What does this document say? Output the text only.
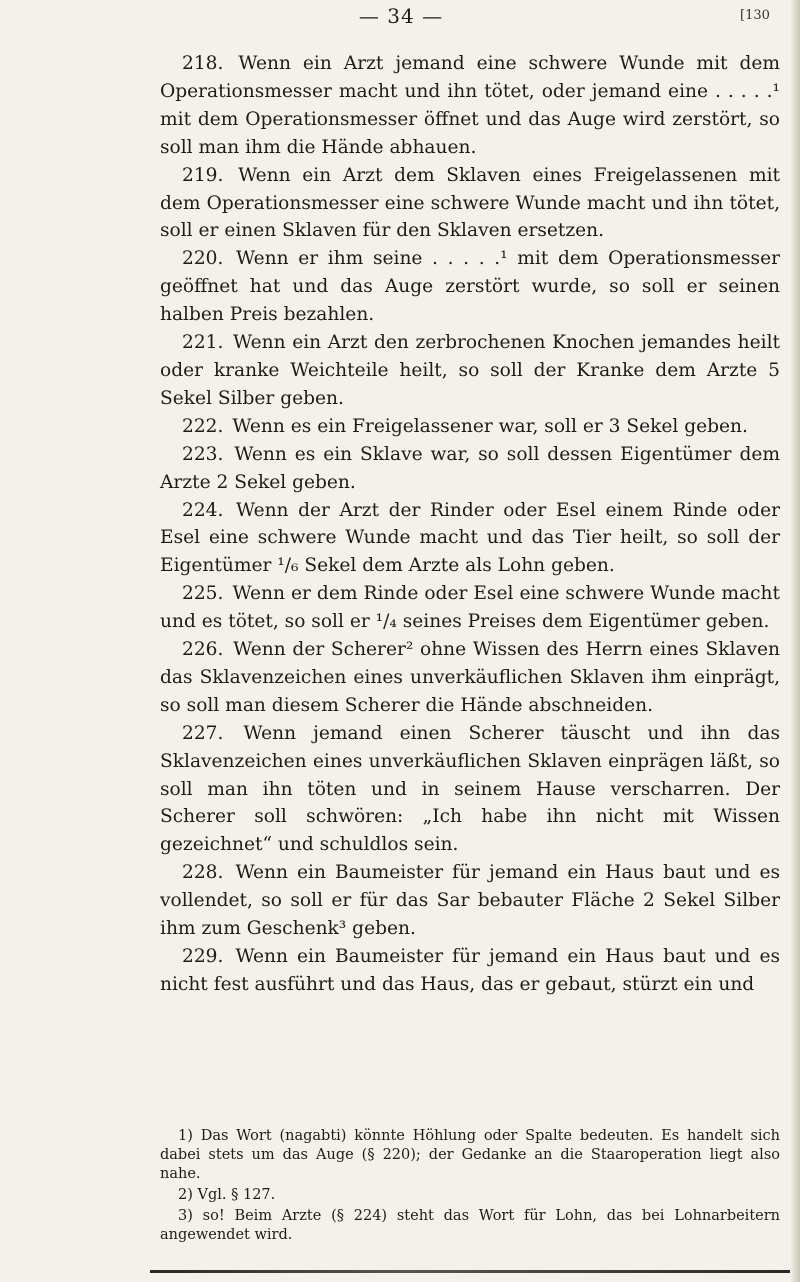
— 34 —	[130

218. Wenn ein Arzt jemand eine schwere Wunde mit dem Operationsmesser macht und ihn tötet, oder jemand eine . . . . .¹ mit dem Operationsmesser öffnet und das Auge wird zerstört, so soll man ihm die Hände abhauen.

219. Wenn ein Arzt dem Sklaven eines Freigelassenen mit dem Operationsmesser eine schwere Wunde macht und ihn tötet, soll er einen Sklaven für den Sklaven ersetzen.

220. Wenn er ihm seine . . . . .¹ mit dem Operationsmesser geöffnet hat und das Auge zerstört wurde, so soll er seinen halben Preis bezahlen.

221. Wenn ein Arzt den zerbrochenen Knochen jemandes heilt oder kranke Weichteile heilt, so soll der Kranke dem Arzte 5 Sekel Silber geben.

222. Wenn es ein Freigelassener war, soll er 3 Sekel geben.

223. Wenn es ein Sklave war, so soll dessen Eigentümer dem Arzte 2 Sekel geben.

224. Wenn der Arzt der Rinder oder Esel einem Rinde oder Esel eine schwere Wunde macht und das Tier heilt, so soll der Eigentümer ¹/₆ Sekel dem Arzte als Lohn geben.

225. Wenn er dem Rinde oder Esel eine schwere Wunde macht und es tötet, so soll er ¹/₄ seines Preises dem Eigentümer geben.

226. Wenn der Scherer² ohne Wissen des Herrn eines Sklaven das Sklavenzeichen eines unverkäuflichen Sklaven ihm einprägt, so soll man diesem Scherer die Hände abschneiden.

227. Wenn jemand einen Scherer täuscht und ihn das Sklavenzeichen eines unverkäuflichen Sklaven einprägen läßt, so soll man ihn töten und in seinem Hause verscharren. Der Scherer soll schwören: „Ich habe ihn nicht mit Wissen gezeichnet“ und schuldlos sein.

228. Wenn ein Baumeister für jemand ein Haus baut und es vollendet, so soll er für das Sar bebauter Fläche 2 Sekel Silber ihm zum Geschenk³ geben.

229. Wenn ein Baumeister für jemand ein Haus baut und es nicht fest ausführt und das Haus, das er gebaut, stürzt ein und

1) Das Wort (nagabti) könnte Höhlung oder Spalte bedeuten. Es handelt sich dabei stets um das Auge (§ 220); der Gedanke an die Staaroperation liegt also nahe.

2) Vgl. § 127.

3) so! Beim Arzte (§ 224) steht das Wort für Lohn, das bei Lohnarbeitern angewendet wird.
